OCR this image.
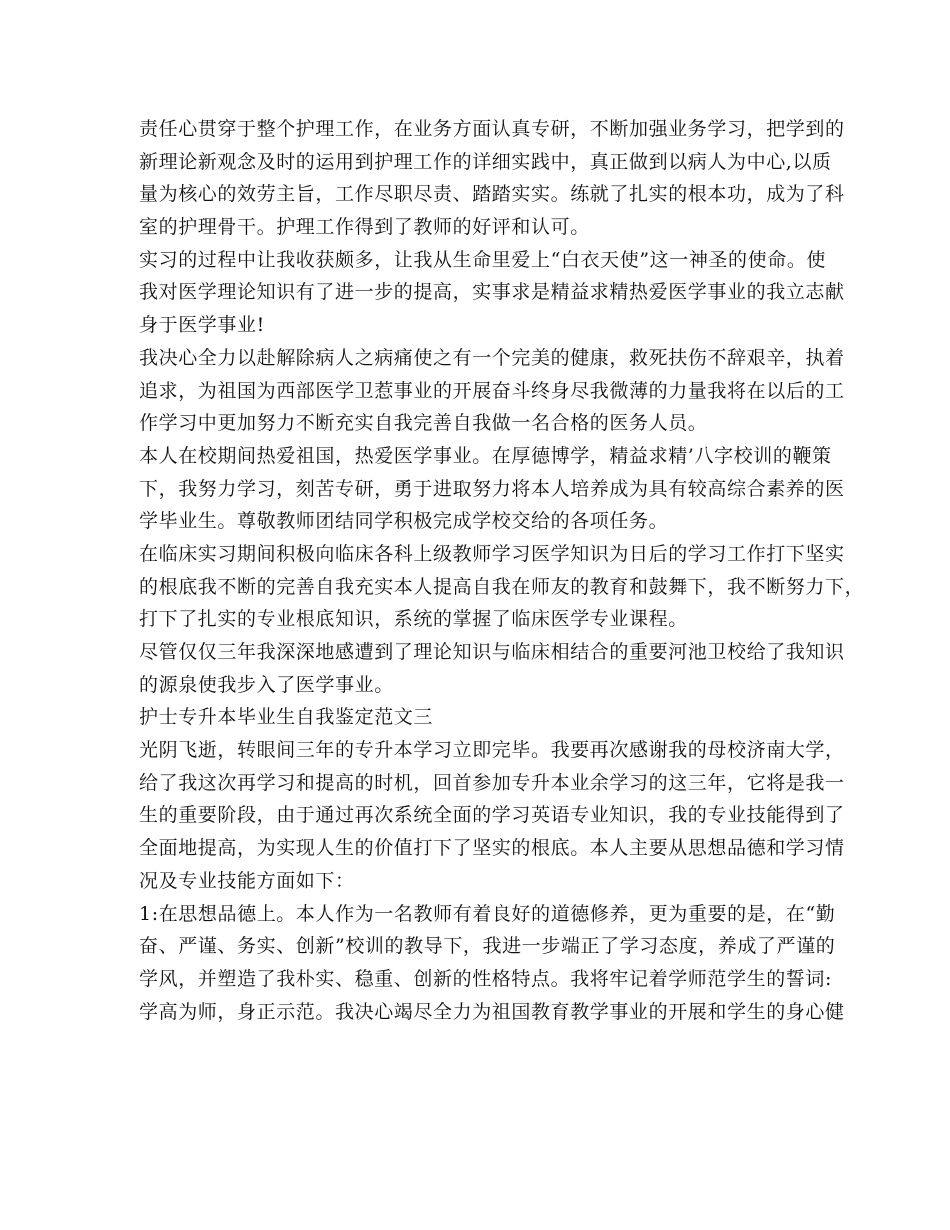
责任心贯穿于整个护理工作，在业务方面认真专研，不断加强业务学习，把学到的
新理论新观念及时的运用到护理工作的详细实践中，真正做到以病人为中心,以质
量为核心的效劳主旨，工作尽职尽责、踏踏实实。练就了扎实的根本功，成为了科
室的护理骨干。护理工作得到了教师的好评和认可。
实习的过程中让我收获颇多，让我从生命里爱上“白衣天使”这一神圣的使命。使
我对医学理论知识有了进一步的提高，实事求是精益求精热爱医学事业的我立志献
身于医学事业!
我决心全力以赴解除病人之病痛使之有一个完美的健康，救死扶伤不辞艰辛，执着
追求，为祖国为西部医学卫惹事业的开展奋斗终身尽我微薄的力量我将在以后的工
作学习中更加努力不断充实自我完善自我做一名合格的医务人员。
本人在校期间热爱祖国，热爱医学事业。在厚德博学，精益求精’八字校训的鞭策
下，我努力学习，刻苦专研，勇于进取努力将本人培养成为具有较高综合素养的医
学毕业生。尊敬教师团结同学积极完成学校交给的各项任务。
在临床实习期间积极向临床各科上级教师学习医学知识为日后的学习工作打下坚实
的根底我不断的完善自我充实本人提高自我在师友的教育和鼓舞下，我不断努力下，
打下了扎实的专业根底知识，系统的掌握了临床医学专业课程。
尽管仅仅三年我深深地感遭到了理论知识与临床相结合的重要河池卫校给了我知识
的源泉使我步入了医学事业。
护士专升本毕业生自我鉴定范文三
光阴飞逝，转眼间三年的专升本学习立即完毕。我要再次感谢我的母校济南大学，
给了我这次再学习和提高的时机，回首参加专升本业余学习的这三年，它将是我一
生的重要阶段，由于通过再次系统全面的学习英语专业知识，我的专业技能得到了
全面地提高，为实现人生的价值打下了坚实的根底。本人主要从思想品德和学习情
况及专业技能方面如下：
1:在思想品德上。本人作为一名教师有着良好的道德修养，更为重要的是，在“勤
奋、严谨、务实、创新”校训的教导下，我进一步端正了学习态度，养成了严谨的
学风，并塑造了我朴实、稳重、创新的性格特点。我将牢记着学师范学生的誓词:
学高为师，身正示范。我决心竭尽全力为祖国教育教学事业的开展和学生的身心健
